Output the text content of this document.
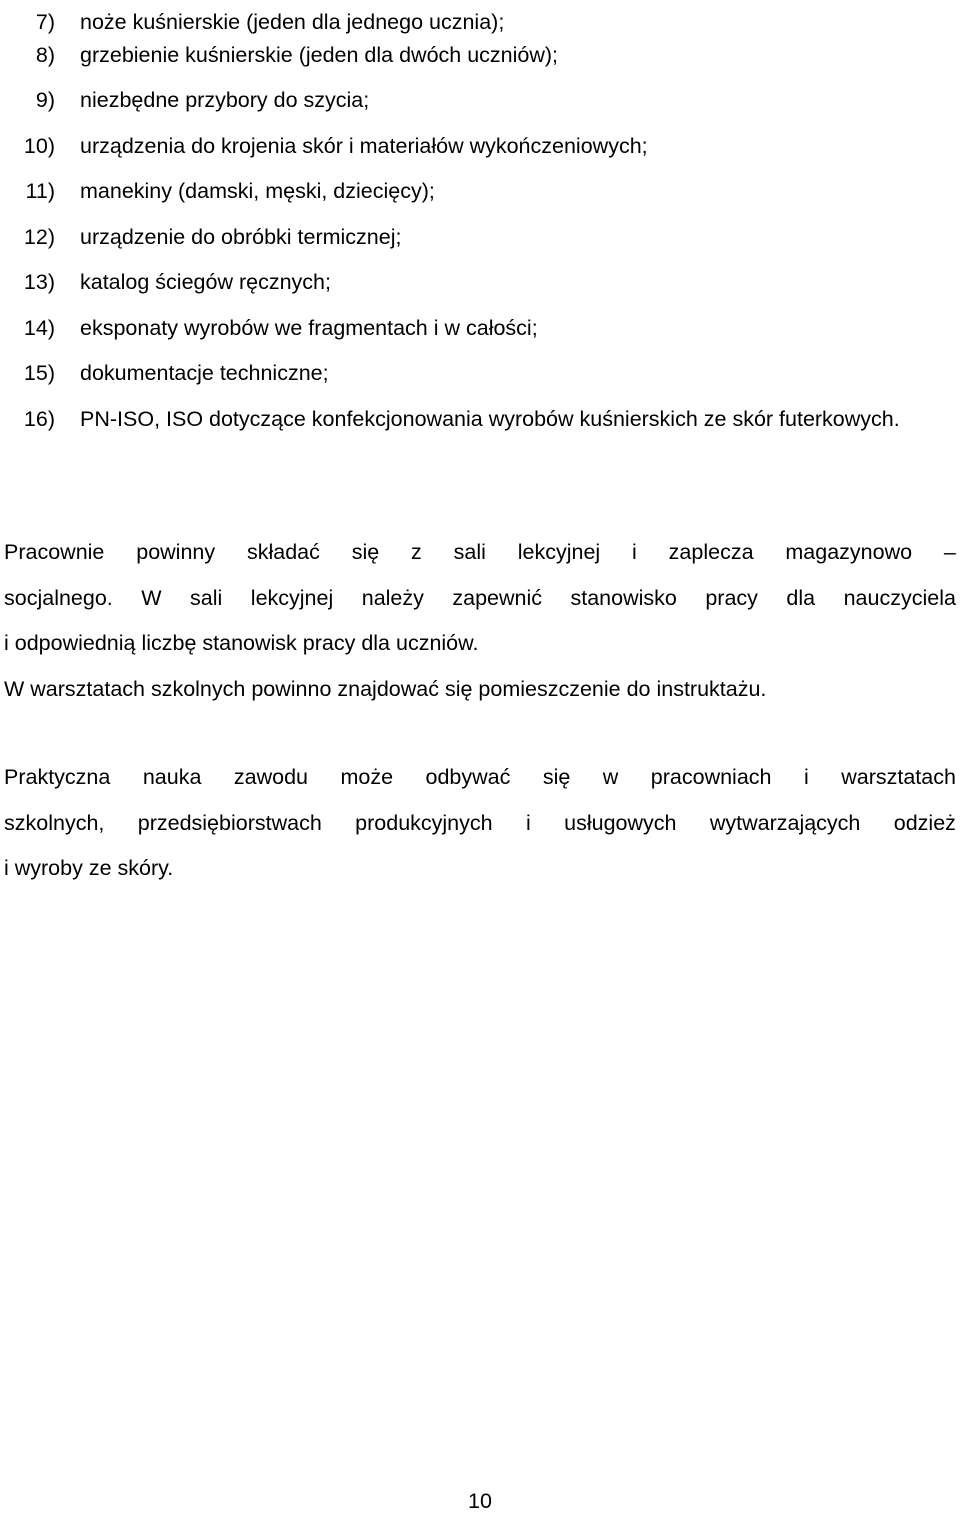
7) noże kuśnierskie (jeden dla jednego ucznia);
8) grzebienie kuśnierskie (jeden dla dwóch uczniów);
9) niezbędne przybory do szycia;
10) urządzenia do krojenia skór i materiałów wykończeniowych;
11) manekiny (damski, męski, dziecięcy);
12) urządzenie do obróbki termicznej;
13) katalog ściegów ręcznych;
14) eksponaty wyrobów we fragmentach i w całości;
15) dokumentacje techniczne;
16) PN-ISO, ISO dotyczące konfekcjonowania wyrobów kuśnierskich ze skór futerkowych.
Pracownie powinny składać się z sali lekcyjnej i zaplecza magazynowo –
socjalnego. W sali lekcyjnej należy zapewnić stanowisko pracy dla nauczyciela
i odpowiednią liczbę stanowisk pracy dla uczniów.
W warsztatach szkolnych powinno znajdować się pomieszczenie do instruktażu.
Praktyczna nauka zawodu może odbywać się w pracowniach i warsztatach
szkolnych, przedsiębiorstwach produkcyjnych i usługowych wytwarzających odzież
i wyroby ze skóry.
10
